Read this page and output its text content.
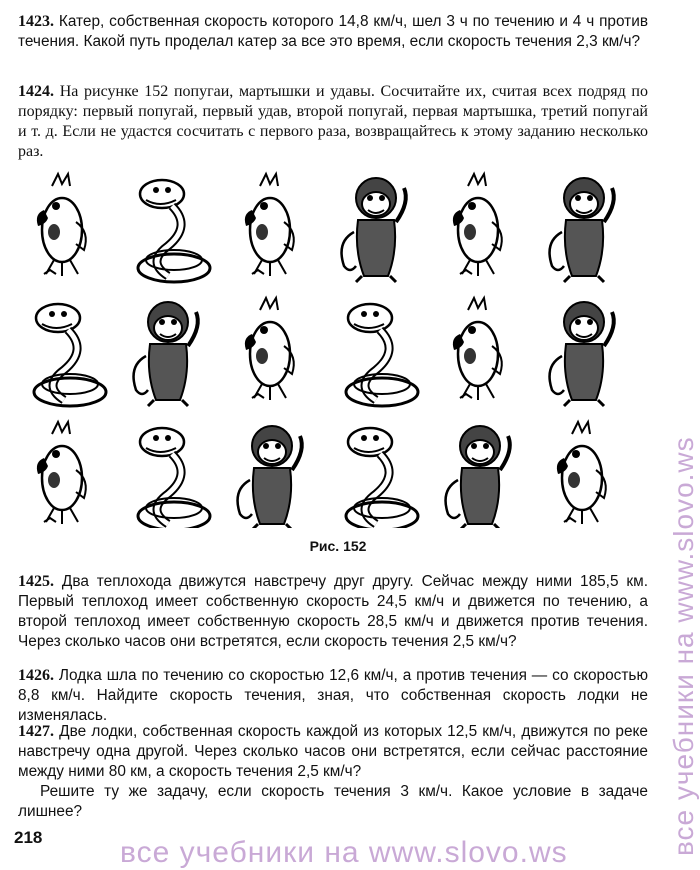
1423. Катер, собственная скорость которого 14,8 км/ч, шел 3 ч по течению и 4 ч против течения. Какой путь проделал катер за все это время, если скорость течения 2,3 км/ч?

1424. На рисунке 152 попугаи, мартышки и удавы. Сосчитайте их, считая всех подряд по порядку: первый попугай, первый удав, второй попугай, первая мартышка, третий попугай и т. д. Если не удастся сосчитать с первого раза, возвращайтесь к этому заданию несколько раз.

Рис. 152

1425. Два теплохода движутся навстречу друг другу. Сейчас между ними 185,5 км. Первый теплоход имеет собственную скорость 24,5 км/ч и движется по течению, а второй теплоход имеет собственную скорость 28,5 км/ч и движется против течения. Через сколько часов они встретятся, если скорость течения 2,5 км/ч?

1426. Лодка шла по течению со скоростью 12,6 км/ч, а против течения — со скоростью 8,8 км/ч. Найдите скорость течения, зная, что собственная скорость лодки не изменялась.

1427. Две лодки, собственная скорость каждой из которых 12,5 км/ч, движутся по реке навстречу одна другой. Через сколько часов они встретятся, если сейчас расстояние между ними 80 км, а скорость течения 2,5 км/ч?
Решите ту же задачу, если скорость течения 3 км/ч. Какое условие в задаче лишнее?

218	все учебники на www.slovo.ws
все учебники на www.slovo.ws
